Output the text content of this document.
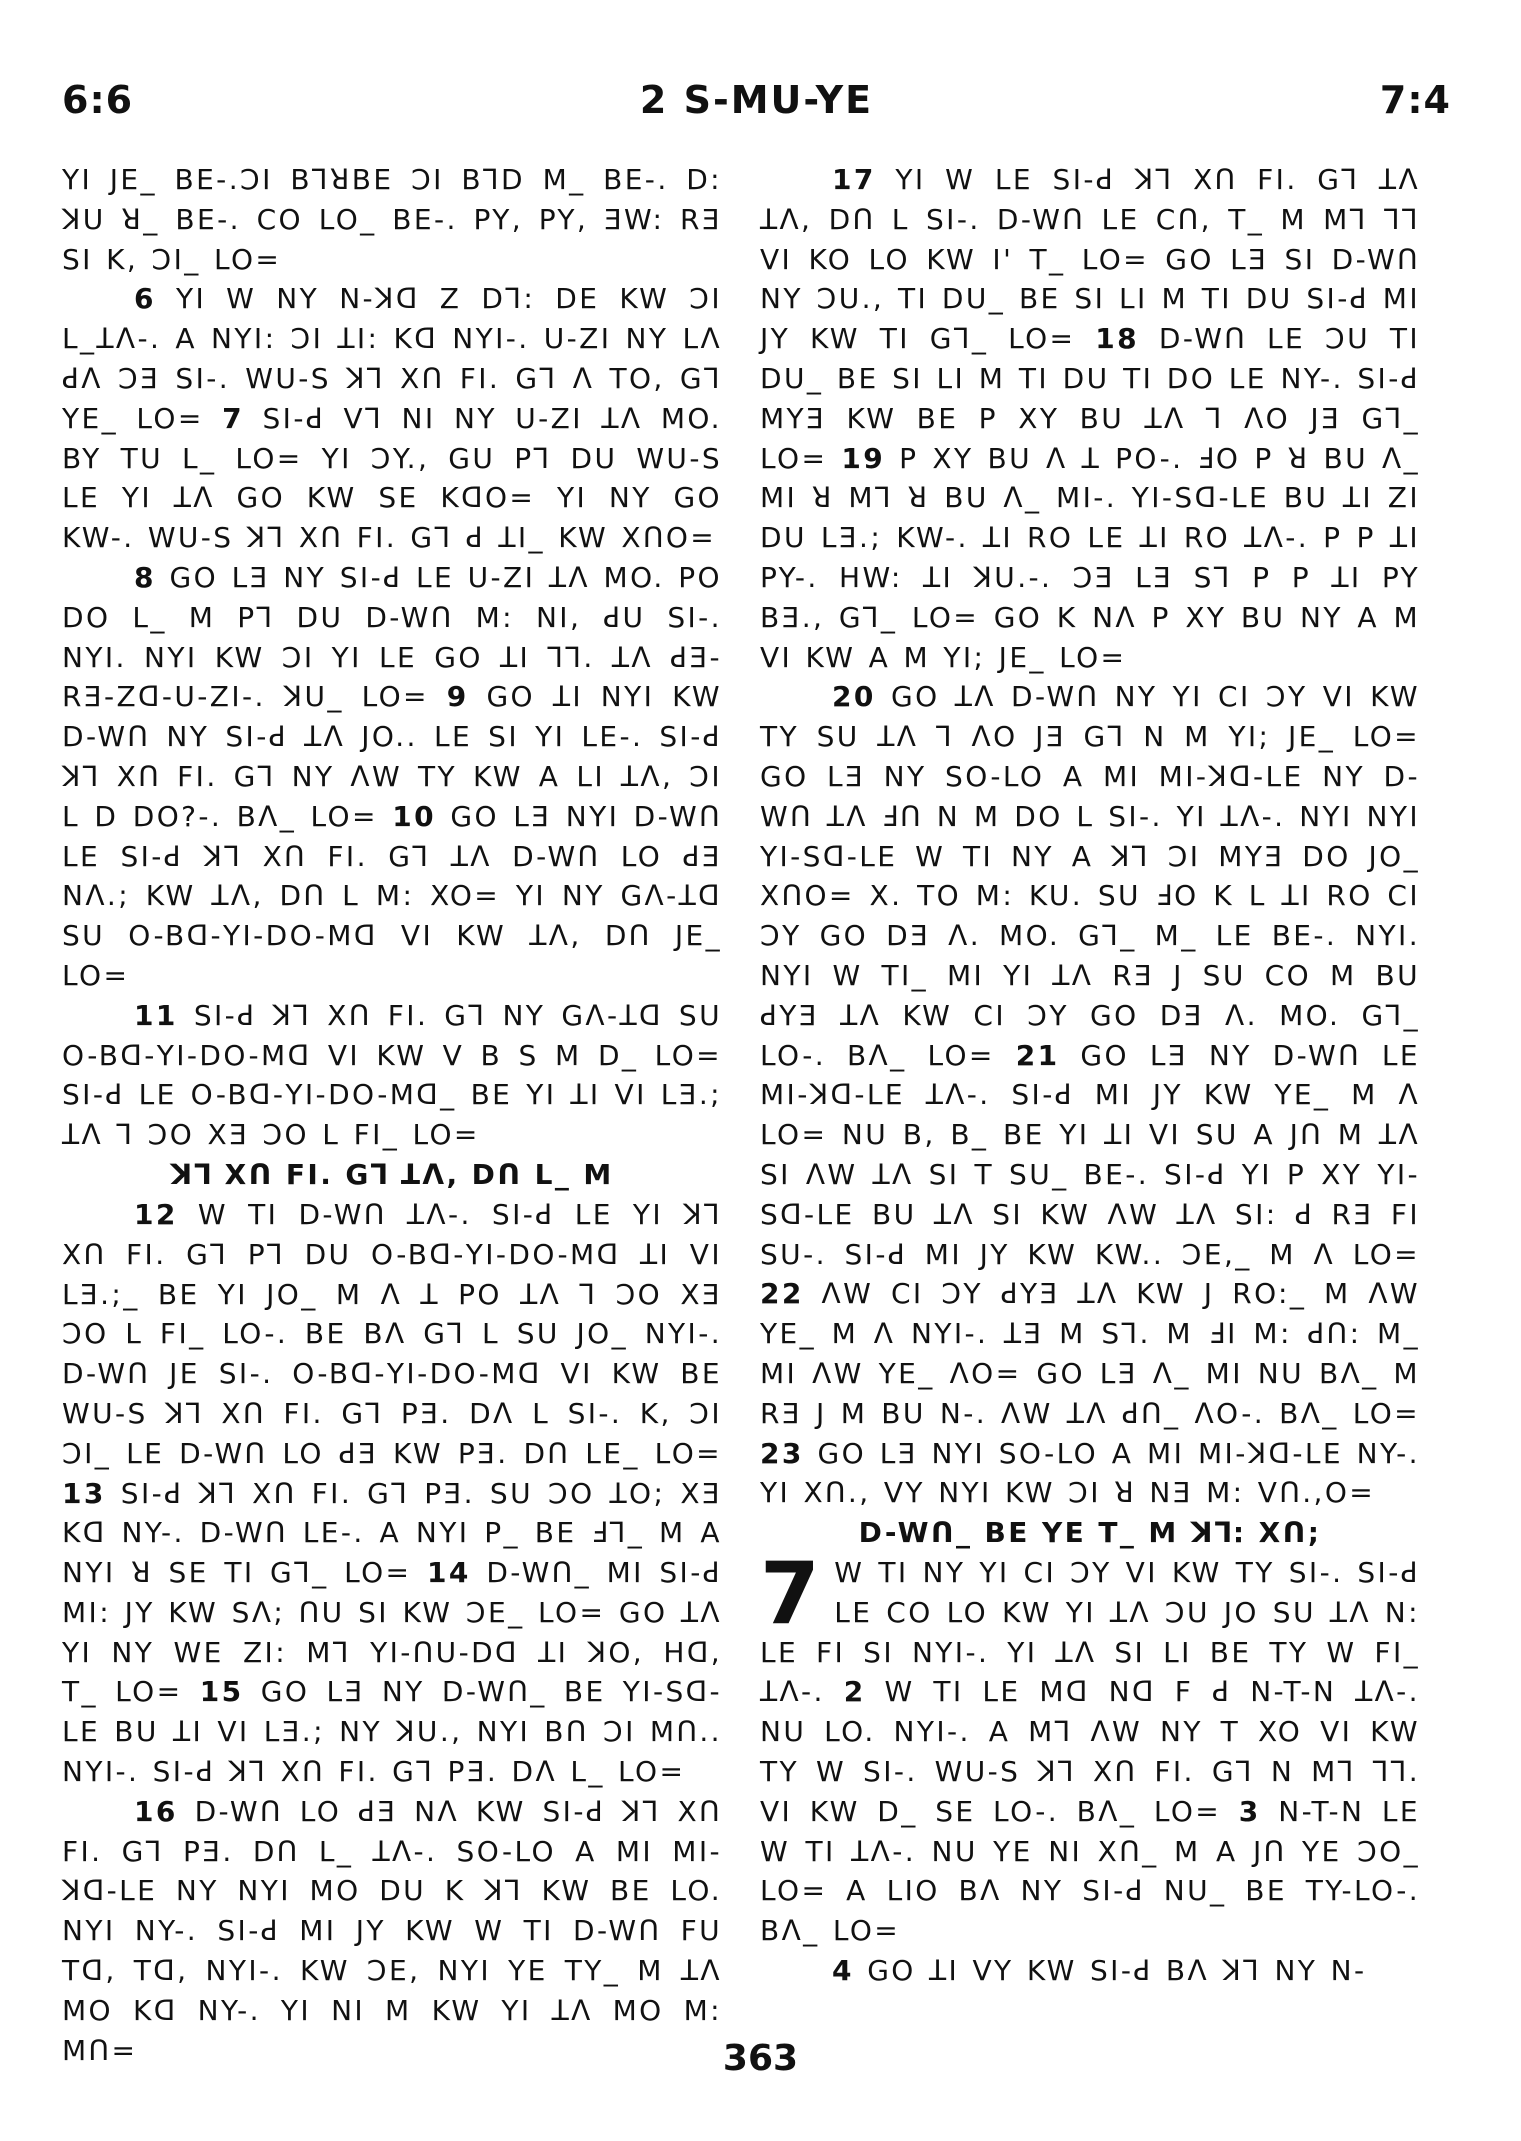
6:6	2 S-MU-YE	7:4

YI JE_ BE-.ƆI BꓶꓤBE ƆI BꓶD M_ BE-. D: ꓘU ꓤ_ BE-. CO LO_ BE-. PY, PY, ƎW: RƎ SI K, ƆI_ LO=

6 YI W NY N-ꓘꓷ Z Dꓶ: DE KW ƆI L_ꓕꓥ-. A NYI: ƆI ꓕI: Kꓷ NYI-. U-ZI NY Lꓥ ꓒꓥ ƆƎ SI-. WU-S ꓘꓶ Xꓵ FI. Gꓶ ꓥ TO, Gꓶ YE_ LO= 7 SI-ꓒ Vꓶ NI NY U-ZI ꓕꓥ MO. BY TU L_ LO= YI ƆY., GU Pꓶ DU WU-S LE YI ꓕꓥ GO KW SE KꓷO= YI NY GO KW-. WU-S ꓘꓶ Xꓵ FI. Gꓶ ꓒ ꓕI_ KW XꓵO=

8 GO LƎ NY SI-ꓒ LE U-ZI ꓕꓥ MO. PO DO L_ M Pꓶ DU D-Wꓵ M: NI, ꓒU SI-. NYI. NYI KW ƆI YI LE GO ꓕI ꓶꓶ. ꓕꓥ ꓒƎ- RƎ-Zꓷ-U-ZI-. ꓘU_ LO= 9 GO ꓕI NYI KW D-Wꓵ NY SI-ꓒ ꓕꓥ JO.. LE SI YI LE-. SI-ꓒ ꓘꓶ Xꓵ FI. Gꓶ NY ꓥW TY KW A LI ꓕꓥ, ƆI L D DO?-. Bꓥ_ LO= 10 GO LƎ NYI D-Wꓵ LE SI-ꓒ ꓘꓶ Xꓵ FI. Gꓶ ꓕꓥ D-Wꓵ LO ꓒƎ Nꓥ.; KW ꓕꓥ, Dꓵ L M: XO= YI NY Gꓥ-ꓕꓷ SU O-Bꓷ-YI-DO-Mꓷ VI KW ꓕꓥ, Dꓵ JE_ LO=

11 SI-ꓒ ꓘꓶ Xꓵ FI. Gꓶ NY Gꓥ-ꓕꓷ SU O-Bꓷ-YI-DO-Mꓷ VI KW V B S M D_ LO= SI-ꓒ LE O-Bꓷ-YI-DO-Mꓷ_ BE YI ꓕI VI LƎ.; ꓕꓥ ꓶ ƆO XƎ ƆO L FI_ LO=

ꓘꓶ Xꓵ FI. Gꓶ ꓕꓥ, Dꓵ L_ M

12 W TI D-Wꓵ ꓕꓥ-. SI-ꓒ LE YI ꓘꓶ Xꓵ FI. Gꓶ Pꓶ DU O-Bꓷ-YI-DO-Mꓷ ꓕI VI LƎ.;_ BE YI JO_ M ꓥ ꓕ PO ꓕꓥ ꓶ ƆO XƎ ƆO L FI_ LO-. BE Bꓥ Gꓶ L SU JO_ NYI-. D-Wꓵ JE SI-. O-Bꓷ-YI-DO-Mꓷ VI KW BE WU-S ꓘꓶ Xꓵ FI. Gꓶ PƎ. Dꓥ L SI-. K, ƆI ƆI_ LE D-Wꓵ LO ꓒƎ KW PƎ. Dꓵ LE_ LO= 13 SI-ꓒ ꓘꓶ Xꓵ FI. Gꓶ PƎ. SU ƆO ꓕO; XƎ Kꓷ NY-. D-Wꓵ LE-. A NYI P_ BE ꓞꓶ_ M A NYI ꓤ SE TI Gꓶ_ LO= 14 D-Wꓵ_ MI SI-ꓒ MI: JY KW Sꓥ; ꓵU SI KW ƆE_ LO= GO ꓕꓥ YI NY WE ZI: Mꓶ YI-ꓵU-Dꓷ ꓕI ꓘO, Hꓷ, T_ LO= 15 GO LƎ NY D-Wꓵ_ BE YI-Sꓷ-LE BU ꓕI VI LƎ.; NY ꓘU., NYI Bꓵ ƆI Mꓵ.. NYI-. SI-ꓒ ꓘꓶ Xꓵ FI. Gꓶ PƎ. Dꓥ L_ LO=

16 D-Wꓵ LO ꓒƎ Nꓥ KW SI-ꓒ ꓘꓶ Xꓵ FI. Gꓶ PƎ. Dꓵ L_ ꓕꓥ-. SO-LO A MI MI-ꓘꓷ-LE NY NYI MO DU K ꓘꓶ KW BE LO. NYI NY-. SI-ꓒ MI JY KW W TI D-Wꓵ FU Tꓷ, Tꓷ, NYI-. KW ƆE, NYI YE TY_ M ꓕꓥ MO Kꓷ NY-. YI NI M KW YI ꓕꓥ MO M: Mꓵ=

17 YI W LE SI-ꓒ ꓘꓶ Xꓵ FI. Gꓶ ꓕꓥ ꓕꓥ, Dꓵ L SI-. D-Wꓵ LE Cꓵ, T_ M Mꓶ ꓶꓶ VI KO LO KW I' T_ LO= GO LƎ SI D-Wꓵ NY ƆU., TI DU_ BE SI LI M TI DU SI-ꓒ MI JY KW TI Gꓶ_ LO= 18 D-Wꓵ LE ƆU TI DU_ BE SI LI M TI DU TI DO LE NY-. SI-ꓒ MYƎ KW BE P XY BU ꓕꓥ ꓶ ꓥO JƎ Gꓶ_ LO= 19 P XY BU ꓥ ꓕ PO-. ꓞO P ꓤ BU ꓥ_ MI ꓤ Mꓶ ꓤ BU ꓥ_ MI-. YI-Sꓷ-LE BU ꓕI ZI DU LƎ.; KW-. ꓕI RO LE ꓕI RO ꓕꓥ-. P P ꓕI PY-. HW: ꓕI ꓘU.-. ƆƎ LƎ Sꓶ P P ꓕI PY BƎ., Gꓶ_ LO= GO K Nꓥ P XY BU NY A M VI KW A M YI; JE_ LO=

20 GO ꓕꓥ D-Wꓵ NY YI CI ƆY VI KW TY SU ꓕꓥ ꓶ ꓥO JƎ Gꓶ N M YI; JE_ LO= GO LƎ NY SO-LO A MI MI-ꓘꓷ-LE NY D-Wꓵ ꓕꓥ ꓞꓵ N M DO L SI-. YI ꓕꓥ-. NYI NYI YI-Sꓷ-LE W TI NY A ꓘꓶ ƆI MYƎ DO JO_ XꓵO= X. TO M: KU. SU ꓞO K L ꓕI RO CI ƆY GO DƎ ꓥ. MO. Gꓶ_ M_ LE BE-. NYI. NYI W TI_ MI YI ꓕꓥ RƎ J SU CO M BU ꓒYƎ ꓕꓥ KW CI ƆY GO DƎ ꓥ. MO. Gꓶ_ LO-. Bꓥ_ LO= 21 GO LƎ NY D-Wꓵ LE MI-ꓘꓷ-LE ꓕꓥ-. SI-ꓒ MI JY KW YE_ M ꓥ LO= NU B, B_ BE YI ꓕI VI SU A Jꓵ M ꓕꓥ SI ꓥW ꓕꓥ SI T SU_ BE-. SI-ꓒ YI P XY YI-Sꓷ-LE BU ꓕꓥ SI KW ꓥW ꓕꓥ SI: ꓒ RƎ FI SU-. SI-ꓒ MI JY KW KW.. ƆE,_ M ꓥ LO= 22 ꓥW CI ƆY ꓒYƎ ꓕꓥ KW J RO:_ M ꓥW YE_ M ꓥ NYI-. ꓕƎ M Sꓶ. M ꓞI M: ꓒꓵ: M_ MI ꓥW YE_ ꓥO= GO LƎ ꓥ_ MI NU Bꓥ_ M RƎ J M BU N-. ꓥW ꓕꓥ ꓒꓵ_ ꓥO-. Bꓥ_ LO= 23 GO LƎ NYI SO-LO A MI MI-ꓘꓷ-LE NY-. YI Xꓵ., VY NYI KW ƆI ꓤ NƎ M: Vꓵ.,O=

D-Wꓵ_ BE YE T_ M ꓘꓶ: Xꓵ;

7 W TI NY YI CI ƆY VI KW TY SI-. SI-ꓒ LE CO LO KW YI ꓕꓥ ƆU JO SU ꓕꓥ N: LE FI SI NYI-. YI ꓕꓥ SI LI BE TY W FI_ ꓕꓥ-. 2 W TI LE Mꓷ Nꓷ F ꓒ N-T-N ꓕꓥ-. NU LO. NYI-. A Mꓶ ꓥW NY T XO VI KW TY W SI-. WU-S ꓘꓶ Xꓵ FI. Gꓶ N Mꓶ ꓶꓶ. VI KW D_ SE LO-. Bꓥ_ LO= 3 N-T-N LE W TI ꓕꓥ-. NU YE NI Xꓵ_ M A Jꓵ YE ƆO_ LO= A LIO Bꓥ NY SI-ꓒ NU_ BE TY-LO-. Bꓥ_ LO=

4 GO ꓕI VY KW SI-ꓒ Bꓥ ꓘꓶ NY N-

363
